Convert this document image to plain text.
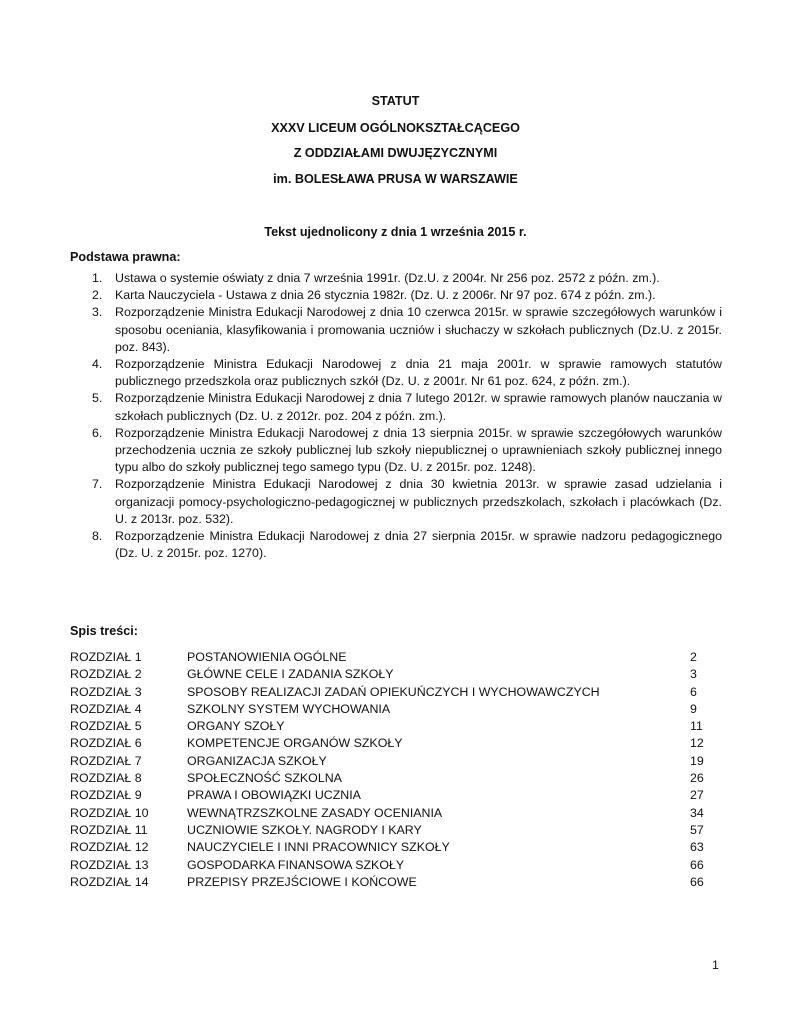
STATUT
XXXV LICEUM OGÓLNOKSZTAŁCĄCEGO
Z ODDZIAŁAMI DWUJĘZYCZNYMI
im. BOLESŁAWA PRUSA W WARSZAWIE
Tekst ujednolicony z dnia 1 września 2015 r.
Podstawa prawna:
1. Ustawa o systemie oświaty z dnia 7 września 1991r. (Dz.U. z 2004r. Nr 256 poz. 2572 z późn. zm.).
2. Karta Nauczyciela - Ustawa z dnia 26 stycznia 1982r. (Dz. U. z 2006r. Nr 97 poz. 674 z późn. zm.).
3. Rozporządzenie Ministra Edukacji Narodowej z dnia 10 czerwca 2015r. w sprawie szczegółowych warunków i sposobu oceniania, klasyfikowania i promowania uczniów i słuchaczy w szkołach publicznych (Dz.U. z 2015r. poz. 843).
4. Rozporządzenie Ministra Edukacji Narodowej z dnia 21 maja 2001r. w sprawie ramowych statutów publicznego przedszkola oraz publicznych szkół (Dz. U. z 2001r. Nr 61 poz. 624, z późn. zm.).
5. Rozporządzenie Ministra Edukacji Narodowej z dnia 7 lutego 2012r. w sprawie ramowych planów nauczania w szkołach publicznych (Dz. U. z 2012r. poz. 204 z późn. zm.).
6. Rozporządzenie Ministra Edukacji Narodowej z dnia 13 sierpnia 2015r. w sprawie szczegółowych warunków przechodzenia ucznia ze szkoły publicznej lub szkoły niepublicznej o uprawnieniach szkoły publicznej innego typu albo do szkoły publicznej tego samego typu (Dz. U. z 2015r. poz. 1248).
7. Rozporządzenie Ministra Edukacji Narodowej z dnia 30 kwietnia 2013r. w sprawie zasad udzielania i organizacji pomocy-psychologiczno-pedagogicznej w publicznych przedszkolach, szkołach i placówkach (Dz. U. z 2013r. poz. 532).
8. Rozporządzenie Ministra Edukacji Narodowej z dnia 27 sierpnia 2015r. w sprawie nadzoru pedagogicznego (Dz. U. z 2015r. poz. 1270).
Spis treści:
ROZDZIAŁ 1	POSTANOWIENIA OGÓLNE	2
ROZDZIAŁ 2	GŁÓWNE CELE I ZADANIA SZKOŁY	3
ROZDZIAŁ 3	SPOSOBY REALIZACJI ZADAŃ OPIEKUŃCZYCH I WYCHOWAWCZYCH	6
ROZDZIAŁ 4	SZKOLNY SYSTEM WYCHOWANIA	9
ROZDZIAŁ 5	ORGANY SZOŁY	11
ROZDZIAŁ 6	KOMPETENCJE ORGANÓW SZKOŁY	12
ROZDZIAŁ 7	ORGANIZACJA SZKOŁY	19
ROZDZIAŁ 8	SPOŁECZNOŚĆ SZKOLNA	26
ROZDZIAŁ 9	PRAWA I OBOWIĄZKI UCZNIA	27
ROZDZIAŁ 10	WEWNĄTRZSZKOLNE ZASADY OCENIANIA	34
ROZDZIAŁ 11	UCZNIOWIE SZKOŁY. NAGRODY I KARY	57
ROZDZIAŁ 12	NAUCZYCIELE I INNI PRACOWNICY SZKOŁY	63
ROZDZIAŁ 13	GOSPODARKA FINANSOWA SZKOŁY	66
ROZDZIAŁ 14	PRZEPISY PRZEJŚCIOWE I KOŃCOWE	66
1
